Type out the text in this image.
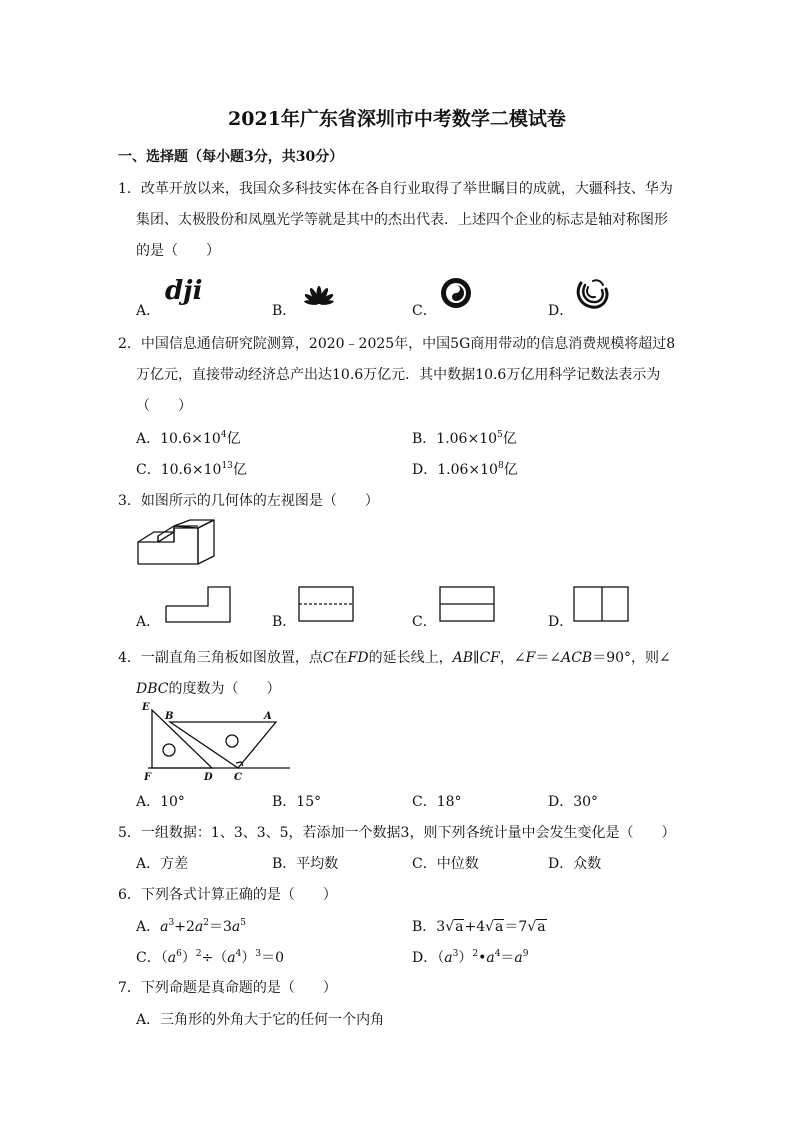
2021年广东省深圳市中考数学二模试卷
一、选择题（每小题3分，共30分）
1．改革开放以来，我国众多科技实体在各自行业取得了举世瞩目的成就，大疆科技、华为
集团、太极股份和凤凰光学等就是其中的杰出代表．上述四个企业的标志是轴对称图形
的是（　　）
A．
dji
B．	C．	D．
2．中国信息通信研究院测算，2020﹣2025年，中国5G商用带动的信息消费规模将超过8
万亿元，直接带动经济总产出达10.6万亿元．其中数据10.6万亿用科学记数法表示为
（　　）
A．$10.6\times 10^4$亿	B．$1.06\times 10^5$亿
C．$10.6\times 10^{13}$亿	D．$1.06\times 10^8$亿
3．如图所示的几何体的左视图是（　　）
A．	B．	C．	D．
4．一副直角三角板如图放置，点C在FD的延长线上，AB∥CF，∠F＝∠ACB＝90°，则∠
DBC的度数为（　　）
E
B	A
F	D C
A．10°	B．15°	C．18°	D．30°
5．一组数据：1、3、3、5，若添加一个数据3，则下列各统计量中会发生变化是（　　）
A．方差	B．平均数	C．中位数	D．众数
6．下列各式计算正确的是（　　）
A．$a^3+2a^2=3a^5$	B．3√a+4√a＝7√a
C．$(a^6)^2\div(a^4)^3=0$	D．$(a^3)^2•a^4=a^9$
7．下列命题是真命题的是（　　）
A．三角形的外角大于它的任何一个内角
